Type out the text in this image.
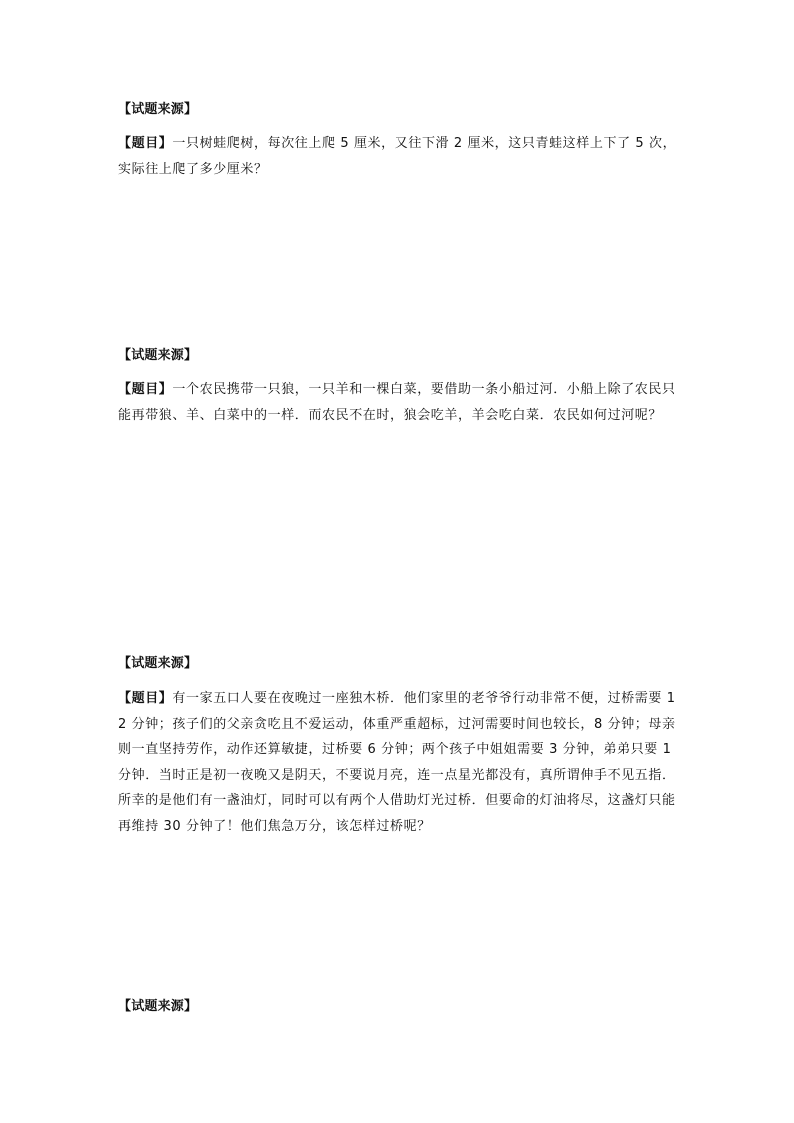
【试题来源】
【题目】一只树蛙爬树，每次往上爬 5 厘米，又往下滑 2 厘米，这只青蛙这样上下了 5 次，实际往上爬了多少厘米？
【试题来源】
【题目】一个农民携带一只狼，一只羊和一棵白菜，要借助一条小船过河．小船上除了农民只能再带狼、羊、白菜中的一样．而农民不在时，狼会吃羊，羊会吃白菜．农民如何过河呢？
【试题来源】
【题目】有一家五口人要在夜晚过一座独木桥．他们家里的老爷爷行动非常不便，过桥需要 12 分钟；孩子们的父亲贪吃且不爱运动，体重严重超标，过河需要时间也较长，8 分钟；母亲则一直坚持劳作，动作还算敏捷，过桥要 6 分钟；两个孩子中姐姐需要 3 分钟，弟弟只要 1 分钟．当时正是初一夜晚又是阴天，不要说月亮，连一点星光都没有，真所谓伸手不见五指．所幸的是他们有一盏油灯，同时可以有两个人借助灯光过桥．但要命的灯油将尽，这盏灯只能再维持 30 分钟了！他们焦急万分，该怎样过桥呢？
【试题来源】
